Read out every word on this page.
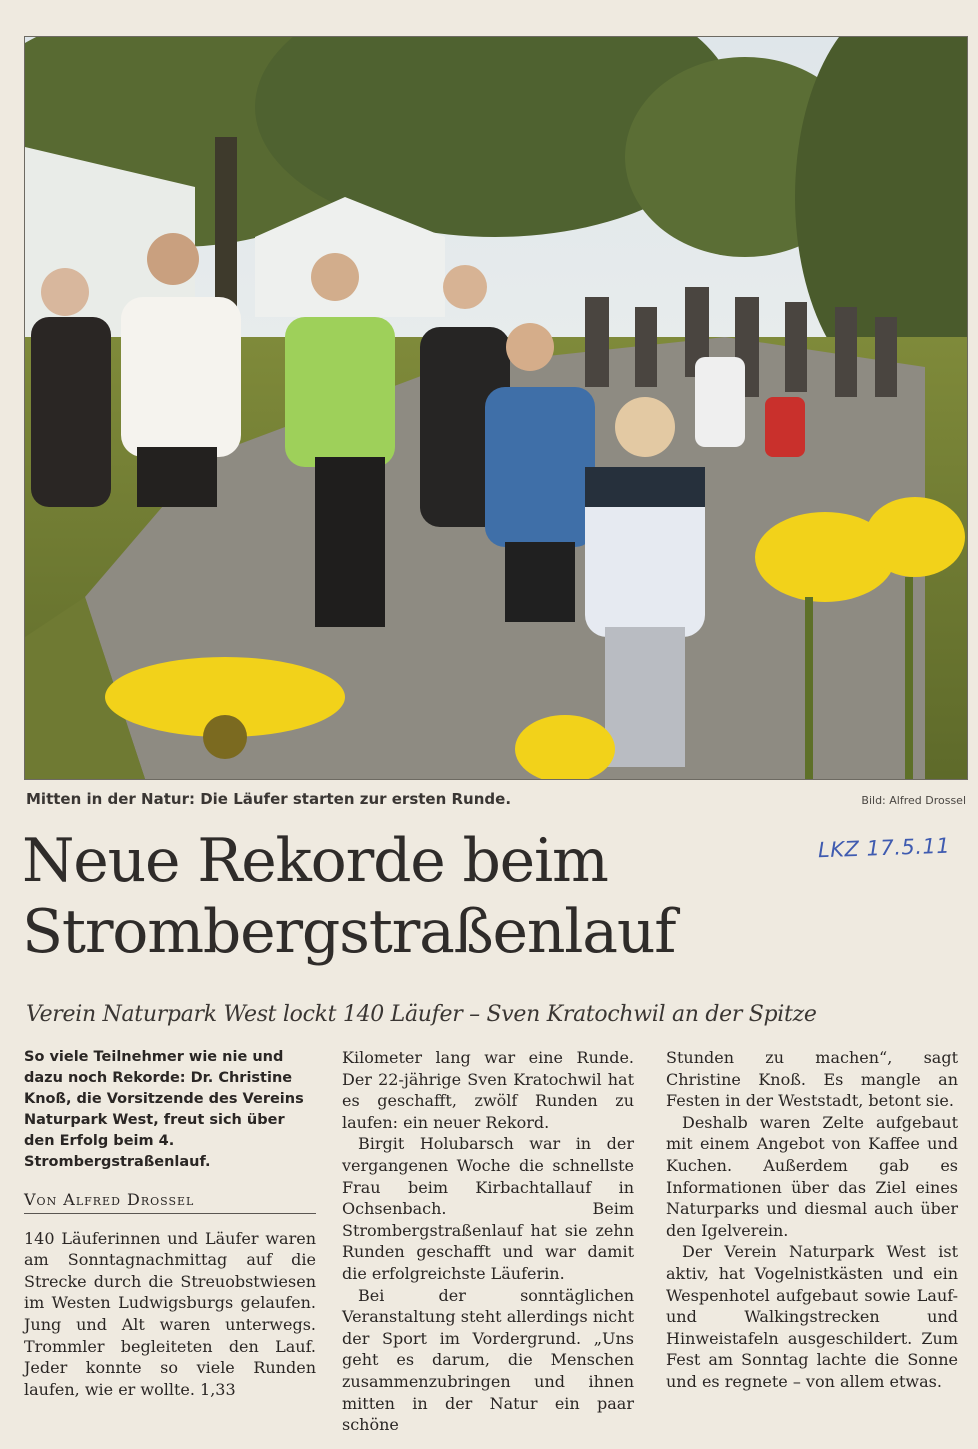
Mitten in der Natur: Die Läufer starten zur ersten Runde.	Bild: Alfred Drossel
Neue Rekorde beim
Strombergstraßenlauf
LKZ 17.5.11
Verein Naturpark West lockt 140 Läufer – Sven Kratochwil an der Spitze
So viele Teilnehmer wie nie und dazu noch Rekorde: Dr. Christine Knoß, die Vorsitzende des Vereins Naturpark West, freut sich über den Erfolg beim 4. Strombergstraßenlauf.
Von Alfred Drossel

140 Läuferinnen und Läufer waren am Sonntagnachmittag auf die Strecke durch die Streuobstwiesen im Westen Ludwigsburgs gelaufen. Jung und Alt waren unterwegs. Trommler begleiteten den Lauf. Jeder konnte so viele Runden laufen, wie er wollte. 1,33

Kilometer lang war eine Runde. Der 22-jährige Sven Kratochwil hat es geschafft, zwölf Runden zu laufen: ein neuer Rekord.

Birgit Holubarsch war in der vergangenen Woche die schnellste Frau beim Kirbachtallauf in Ochsenbach. Beim Strombergstraßenlauf hat sie zehn Runden geschafft und war damit die erfolgreichste Läuferin.

Bei der sonntäglichen Veranstaltung steht allerdings nicht der Sport im Vordergrund. „Uns geht es darum, die Menschen zusammenzubringen und ihnen mitten in der Natur ein paar schöne

Stunden zu machen“, sagt Christine Knoß. Es mangle an Festen in der Weststadt, betont sie.

Deshalb waren Zelte aufgebaut mit einem Angebot von Kaffee und Kuchen. Außerdem gab es Informationen über das Ziel eines Naturparks und diesmal auch über den Igelverein.

Der Verein Naturpark West ist aktiv, hat Vogelnistkästen und ein Wespenhotel aufgebaut sowie Lauf- und Walkingstrecken und Hinweistafeln ausgeschildert. Zum Fest am Sonntag lachte die Sonne und es regnete – von allem etwas.
